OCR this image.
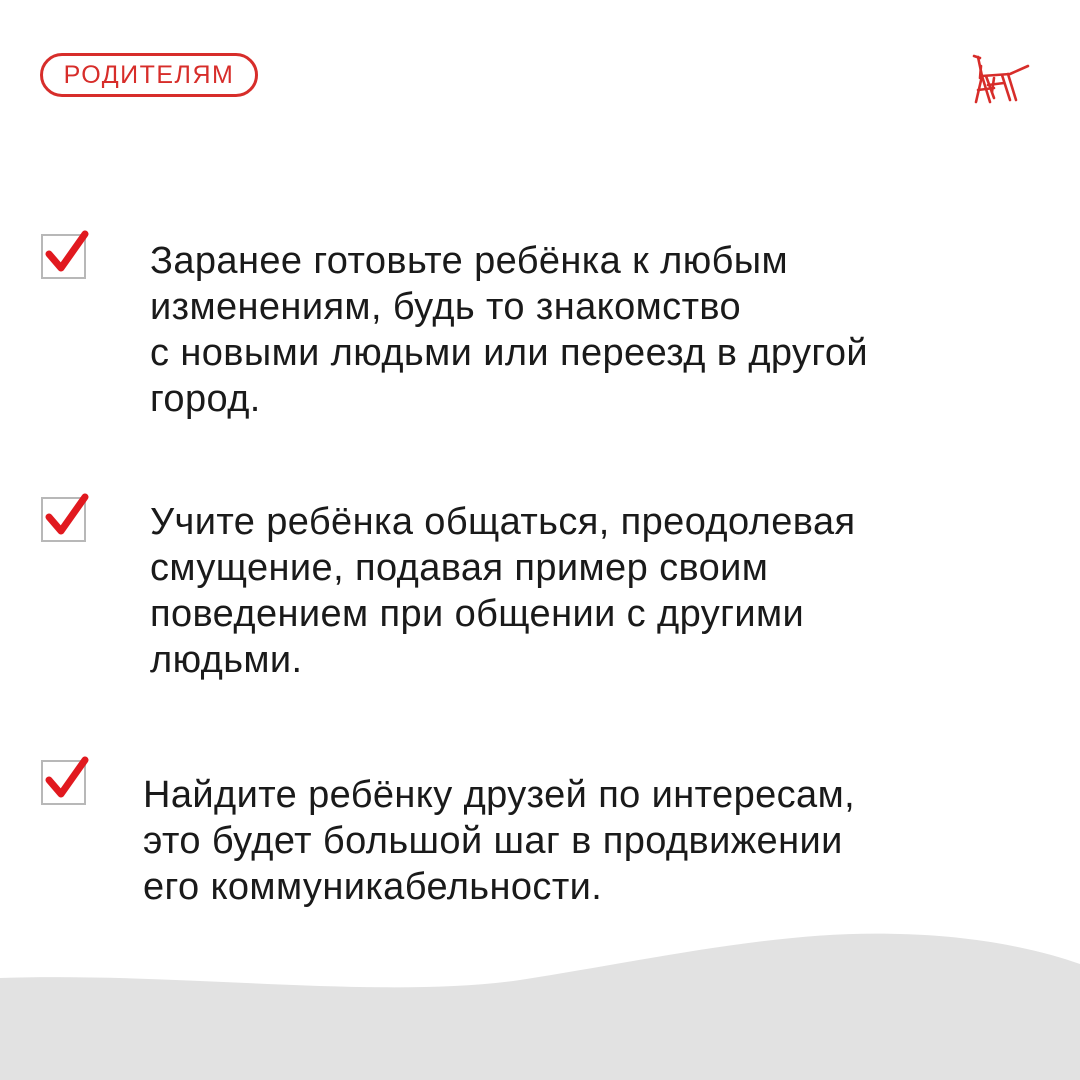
РОДИТЕЛЯМ
Заранее готовьте ребёнка к любым
изменениям, будь то знакомство
с новыми людьми или переезд в другой
город.
Учите ребёнка общаться, преодолевая
смущение, подавая пример своим
поведением при общении с другими
людьми.
Найдите ребёнку друзей по интересам,
это будет большой шаг в продвижении
его коммуникабельности.
